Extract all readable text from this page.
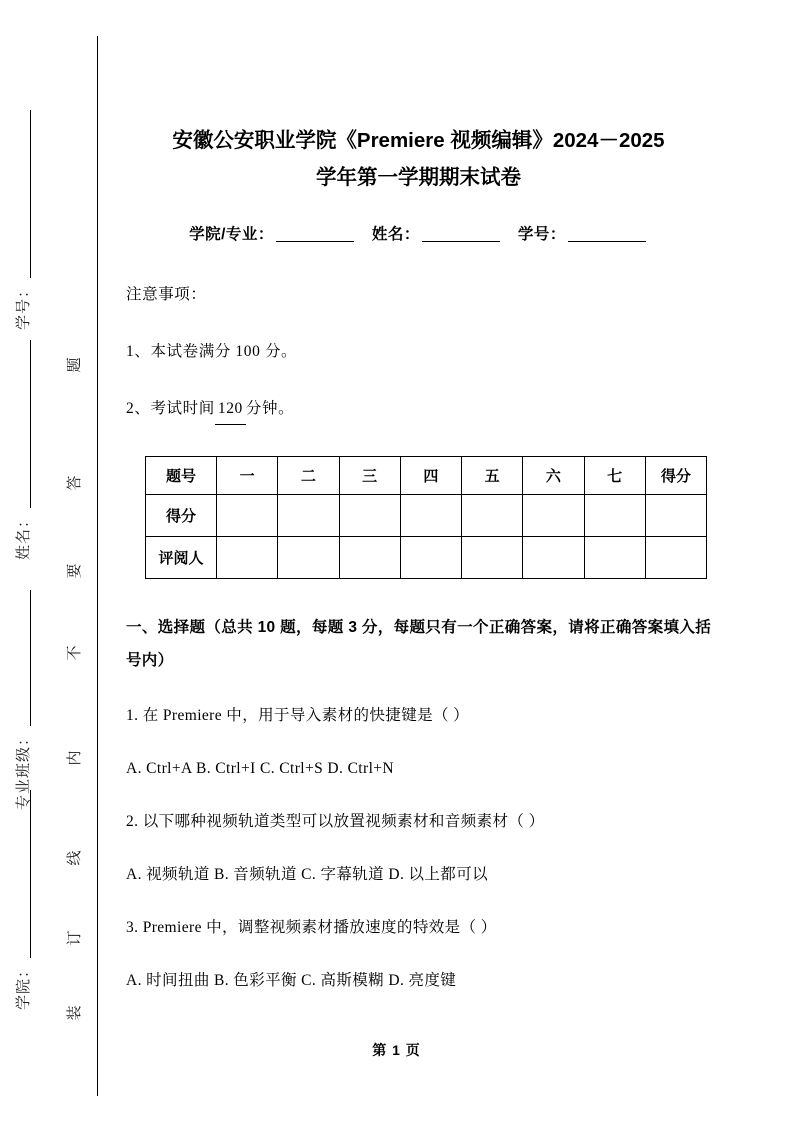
学号：
姓名：
专业班级：
学院：
题
答
要
不
内
线
订
装
安徽公安职业学院《Premiere 视频编辑》2024－2025
学年第一学期期末试卷
学院/专业：	姓名：	学号：

注意事项：

1、本试卷满分 100 分。

2、考试时间 120 分钟。

题号	一	二	三	四	五	六	七	得分
得分								
评阅人								

一、选择题（总共 10 题，每题 3 分，每题只有一个正确答案，请将正确答案填入括号内）

1. 在 Premiere 中，用于导入素材的快捷键是（ ）

A. Ctrl+A B. Ctrl+I C. Ctrl+S D. Ctrl+N

2. 以下哪种视频轨道类型可以放置视频素材和音频素材（ ）

A. 视频轨道 B. 音频轨道 C. 字幕轨道 D. 以上都可以

3. Premiere 中，调整视频素材播放速度的特效是（ ）

A. 时间扭曲 B. 色彩平衡 C. 高斯模糊 D. 亮度键

第 1 页
